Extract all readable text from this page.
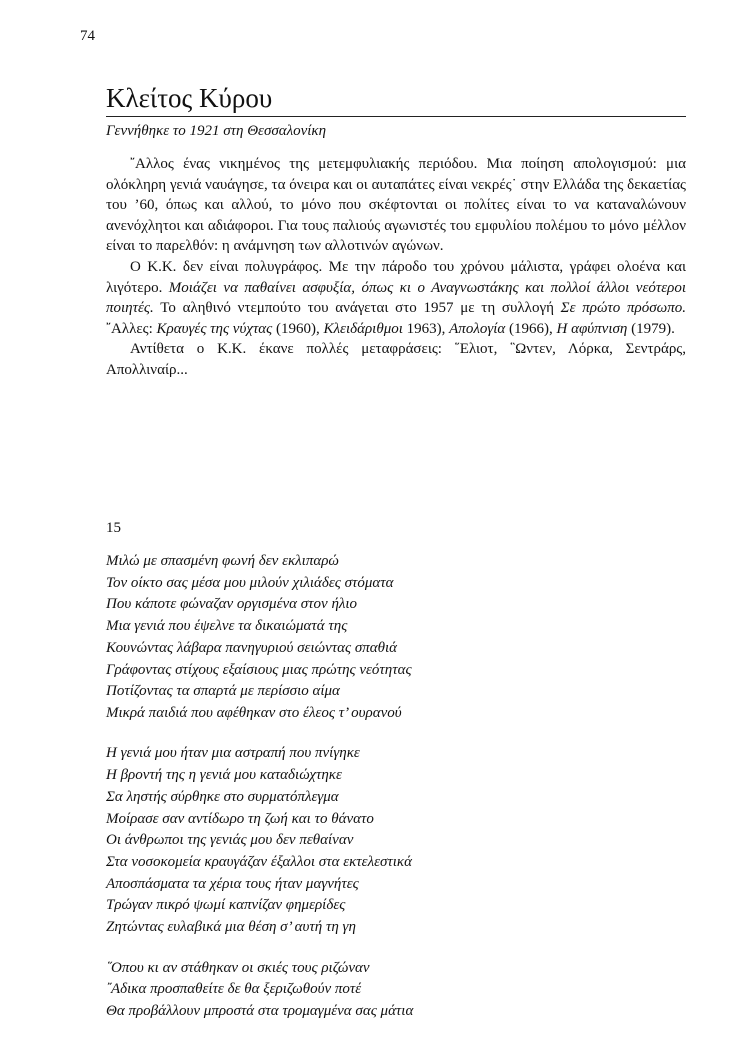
74
Κλείτος Κύρου
Γεννήθηκε το 1921 στη Θεσσαλονίκη

῎Αλλος ένας νικημένος της μετεμφυλιακής περιόδου. Μια ποίηση απολογισμού: μια ολόκληρη γενιά ναυάγησε, τα όνειρα και οι αυταπάτες είναι νεκρές˙ στην Ελλάδα της δεκαετίας του ’60, όπως και αλλού, το μόνο που σκέφτονται οι πολίτες είναι το να καταναλώνουν ανενόχλητοι και αδιάφοροι. Για τους παλιούς αγωνιστές του εμφυλίου πολέμου το μόνο μέλλον είναι το παρελθόν: η ανάμνηση των αλλοτινών αγώνων.

Ο Κ.Κ. δεν είναι πολυγράφος. Με την πάροδο του χρόνου μάλιστα, γράφει ολοένα και λιγότερο. Μοιάζει να παθαίνει ασφυξία, όπως κι ο Αναγνωστάκης και πολλοί άλλοι νεότεροι ποιητές. Το αληθινό ντεμπούτο του ανάγεται στο 1957 με τη συλλογή Σε πρώτο πρόσωπο. ῎Αλλες: Κραυγές της νύχτας (1960), Κλειδάριθμοι 1963), Απολογία (1966), Η αφύπνιση (1979).

Αντίθετα ο Κ.Κ. έκανε πολλές μεταφράσεις: ῞Ελιοτ, ῝Ωντεν, Λόρκα, Σεντράρς, Απολλιναίρ...

15
Μιλώ με σπασμένη φωνή δεν εκλιπαρώ
Τον οίκτο σας μέσα μου μιλούν χιλιάδες στόματα
Που κάποτε φώναζαν οργισμένα στον ήλιο
Μια γενιά που έψελνε τα δικαιώματά της
Κουνώντας λάβαρα πανηγυριού σειώντας σπαθιά
Γράφοντας στίχους εξαίσιους μιας πρώτης νεότητας
Ποτίζοντας τα σπαρτά με περίσσιο αίμα
Μικρά παιδιά που αφέθηκαν στο έλεος τ’ ουρανού
Η γενιά μου ήταν μια αστραπή που πνίγηκε
Η βροντή της η γενιά μου καταδιώχτηκε
Σα ληστής σύρθηκε στο συρματόπλεγμα
Μοίρασε σαν αντίδωρο τη ζωή και το θάνατο
Οι άνθρωποι της γενιάς μου δεν πεθαίναν
Στα νοσοκομεία κραυγάζαν έξαλλοι στα εκτελεστικά
Αποσπάσματα τα χέρια τους ήταν μαγνήτες
Τρώγαν πικρό ψωμί καπνίζαν φημερίδες
Ζητώντας ευλαβικά μια θέση σ’ αυτή τη γη
῞Οπου κι αν στάθηκαν οι σκιές τους ριζώναν
῎Αδικα προσπαθείτε δε θα ξεριζωθούν ποτέ
Θα προβάλλουν μπροστά στα τρομαγμένα σας μάτια
